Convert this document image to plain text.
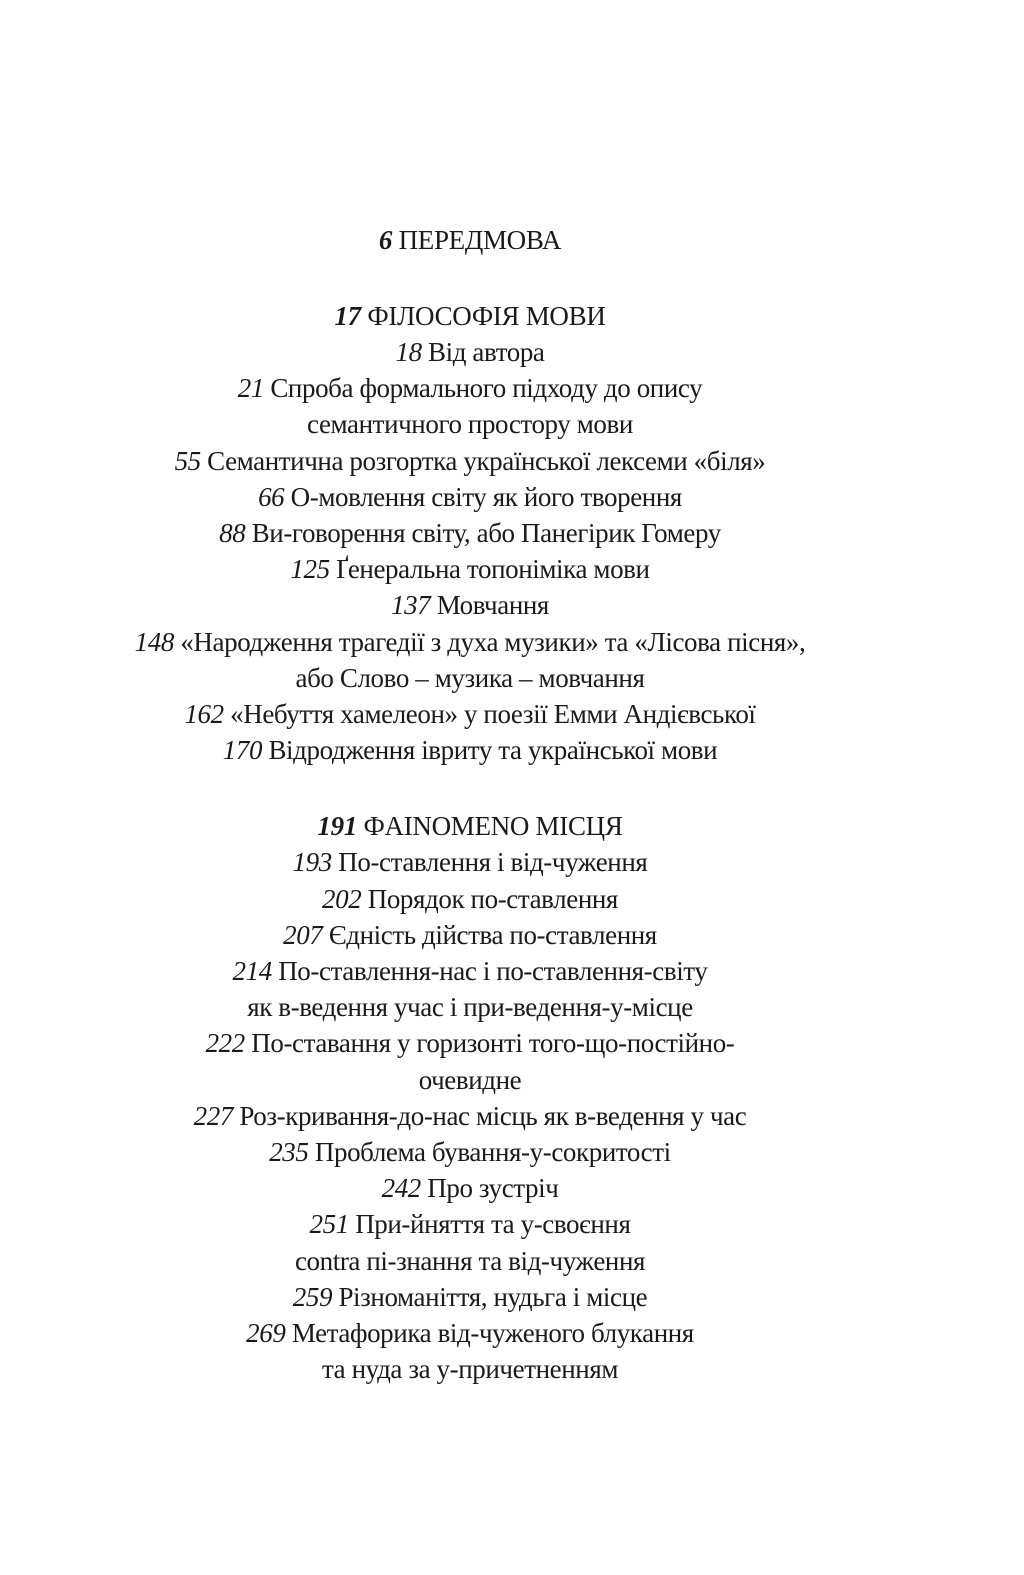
6 ПЕРЕДМОВА
17 ФІЛОСОФІЯ МОВИ
18 Від автора
21 Спроба формального підходу до опису
семантичного простору мови
55 Семантична розгортка української лексеми «біля»
66 О-мовлення світу як його творення
88 Ви-говорення світу, або Панегірик Гомеру
125 Ґенеральна топоніміка мови
137 Мовчання
148 «Народження трагедії з духа музики» та «Лісова пісня»,
або Слово – музика – мовчання
162 «Небуття хамелеон» у поезії Емми Андієвської
170 Відродження івриту та української мови
191 ФAINOMENO МІСЦЯ
193 По-ставлення і від-чуження
202 Порядок по-ставлення
207 Єдність дійства по-ставлення
214 По-ставлення-нас і по-ставлення-світу
як в-ведення учас і при-ведення-у-місце
222 По-ставання у горизонті того-що-постійно-
очевидне
227 Роз-кривання-до-нас місць як в-ведення у час
235 Проблема бування-у-сокритості
242 Про зустріч
251 При-йняття та у-своєння
contra пі-знання та від-чуження
259 Різноманіття, нудьга і місце
269 Метафорика від-чуженого блукання
та нуда за у-причетненням
